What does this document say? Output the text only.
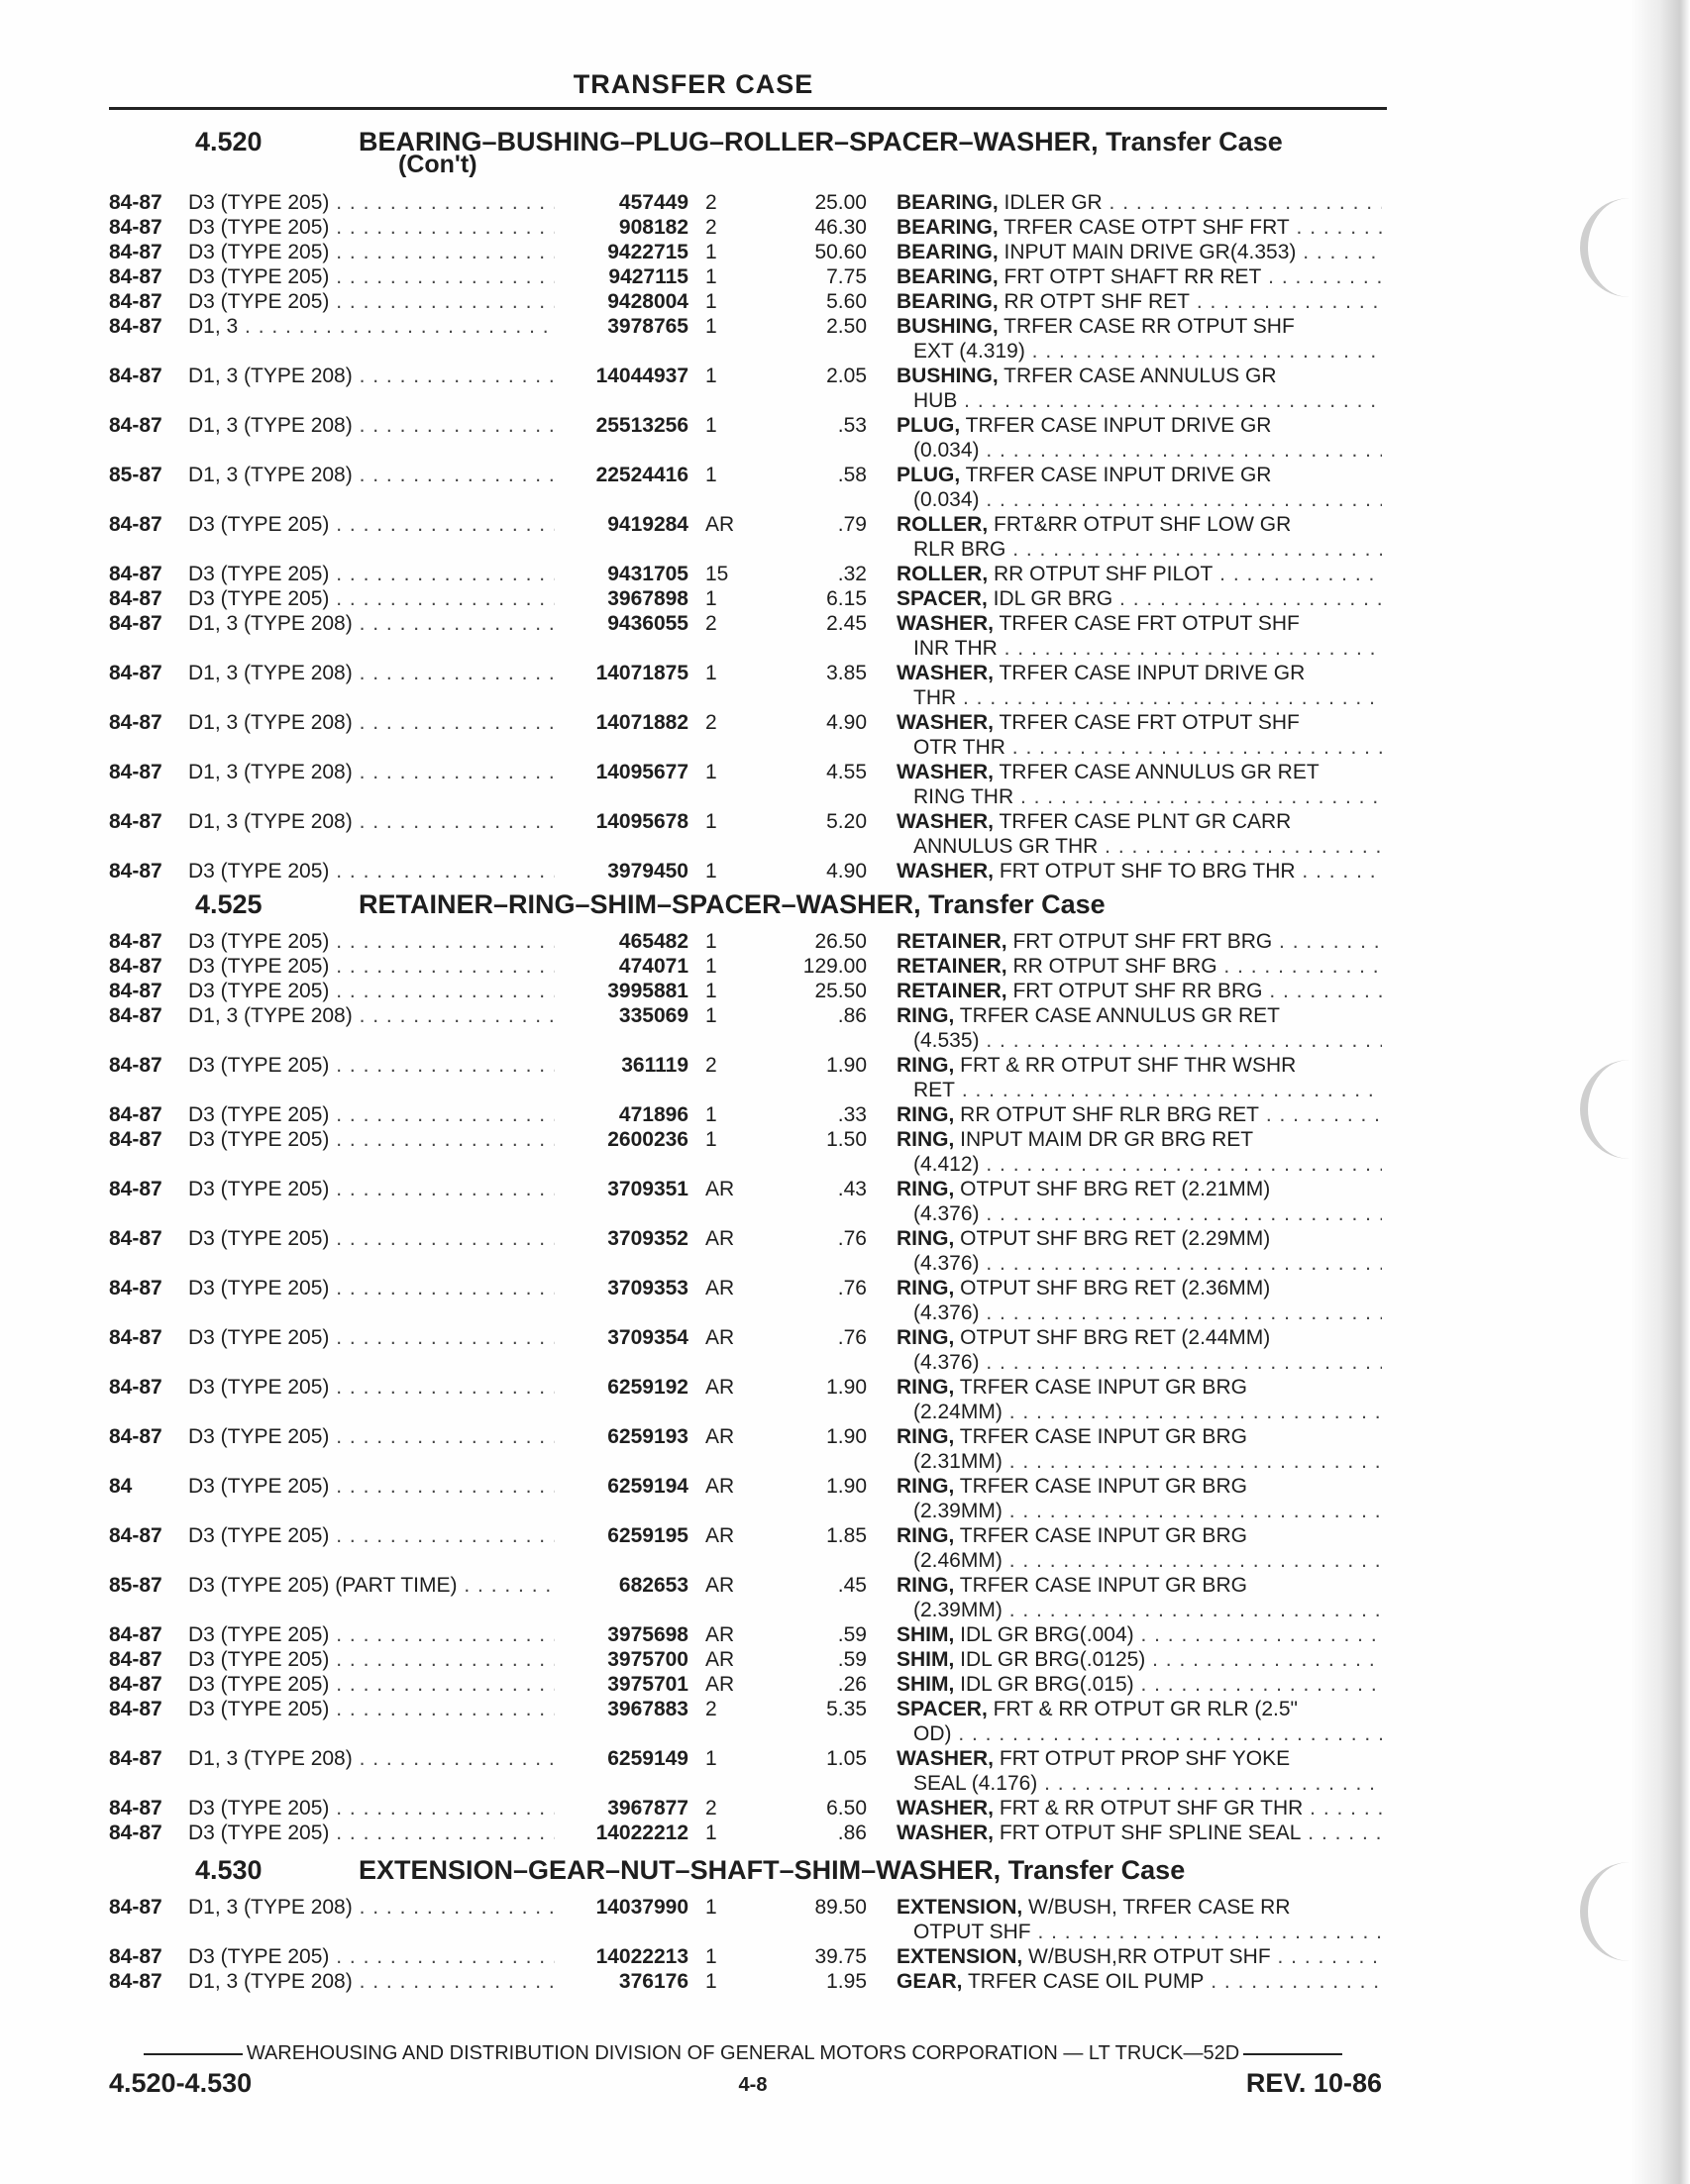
TRANSFER CASE
4.520	BEARING–BUSHING–PLUG–ROLLER–SPACER–WASHER, Transfer Case
(Con't)
84-87 D3 (TYPE 205) . . .	457449 2	25.00 BEARING, IDLER GR . . .
84-87 D3 (TYPE 205) . . .	908182 2	46.30 BEARING, TRFER CASE OTPT SHF FRT . . .
84-87 D3 (TYPE 205) . . .	9422715 1	50.60 BEARING, INPUT MAIN DRIVE GR(4.353) . . .
84-87 D3 (TYPE 205) . . .	9427115 1	7.75 BEARING, FRT OTPT SHAFT RR RET . . .
84-87 D3 (TYPE 205) . . .	9428004 1	5.60 BEARING, RR OTPT SHF RET . . .
84-87 D1, 3 . . .	3978765 1	2.50 BUSHING, TRFER CASE RR OTPUT SHF
EXT (4.319) . . .
84-87 D1, 3 (TYPE 208) . . .	14044937 1	2.05 BUSHING, TRFER CASE ANNULUS GR
HUB . . .
84-87 D1, 3 (TYPE 208) . . .	25513256 1	.53 PLUG, TRFER CASE INPUT DRIVE GR
(0.034) . . .
85-87 D1, 3 (TYPE 208) . . .	22524416 1	.58 PLUG, TRFER CASE INPUT DRIVE GR
(0.034) . . .
84-87 D3 (TYPE 205) . . .	9419284 AR	.79 ROLLER, FRT&RR OTPUT SHF LOW GR
RLR BRG . . .
84-87 D3 (TYPE 205) . . .	9431705 15	.32 ROLLER, RR OTPUT SHF PILOT . . .
84-87 D3 (TYPE 205) . . .	3967898 1	6.15 SPACER, IDL GR BRG . . .
84-87 D1, 3 (TYPE 208) . . .	9436055 2	2.45 WASHER, TRFER CASE FRT OTPUT SHF
INR THR . . .
84-87 D1, 3 (TYPE 208) . . .	14071875 1	3.85 WASHER, TRFER CASE INPUT DRIVE GR
THR . . .
84-87 D1, 3 (TYPE 208) . . .	14071882 2	4.90 WASHER, TRFER CASE FRT OTPUT SHF
OTR THR . . .
84-87 D1, 3 (TYPE 208) . . .	14095677 1	4.55 WASHER, TRFER CASE ANNULUS GR RET
RING THR . . .
84-87 D1, 3 (TYPE 208) . . .	14095678 1	5.20 WASHER, TRFER CASE PLNT GR CARR
ANNULUS GR THR . . .
84-87 D3 (TYPE 205) . . .	3979450 1	4.90 WASHER, FRT OTPUT SHF TO BRG THR . . .
4.525	RETAINER–RING–SHIM–SPACER–WASHER, Transfer Case
84-87 D3 (TYPE 205) . . .	465482 1	26.50 RETAINER, FRT OTPUT SHF FRT BRG . . .
84-87 D3 (TYPE 205) . . .	474071 1	129.00 RETAINER, RR OTPUT SHF BRG . . .
84-87 D3 (TYPE 205) . . .	3995881 1	25.50 RETAINER, FRT OTPUT SHF RR BRG . . .
84-87 D1, 3 (TYPE 208) . . .	335069 1	.86 RING, TRFER CASE ANNULUS GR RET
(4.535) . . .
84-87 D3 (TYPE 205) . . .	361119 2	1.90 RING, FRT & RR OTPUT SHF THR WSHR
RET . . .
84-87 D3 (TYPE 205) . . .	471896 1	.33 RING, RR OTPUT SHF RLR BRG RET . . .
84-87 D3 (TYPE 205) . . .	2600236 1	1.50 RING, INPUT MAIM DR GR BRG RET
(4.412) . . .
84-87 D3 (TYPE 205) . . .	3709351 AR	.43 RING, OTPUT SHF BRG RET (2.21MM)
(4.376) . . .
84-87 D3 (TYPE 205) . . .	3709352 AR	.76 RING, OTPUT SHF BRG RET (2.29MM)
(4.376) . . .
84-87 D3 (TYPE 205) . . .	3709353 AR	.76 RING, OTPUT SHF BRG RET (2.36MM)
(4.376) . . .
84-87 D3 (TYPE 205) . . .	3709354 AR	.76 RING, OTPUT SHF BRG RET (2.44MM)
(4.376) . . .
84-87 D3 (TYPE 205) . . .	6259192 AR	1.90 RING, TRFER CASE INPUT GR BRG
(2.24MM) . . .
84-87 D3 (TYPE 205) . . .	6259193 AR	1.90 RING, TRFER CASE INPUT GR BRG
(2.31MM) . . .
84	D3 (TYPE 205) . . .	6259194 AR	1.90 RING, TRFER CASE INPUT GR BRG
(2.39MM) . . .
84-87 D3 (TYPE 205) . . .	6259195 AR	1.85 RING, TRFER CASE INPUT GR BRG
(2.46MM) . . .
85-87 D3 (TYPE 205) (PART TIME) . . .	682653 AR	.45 RING, TRFER CASE INPUT GR BRG
(2.39MM) . . .
84-87 D3 (TYPE 205) . . .	3975698 AR	.59 SHIM, IDL GR BRG(.004) . . .
84-87 D3 (TYPE 205) . . .	3975700 AR	.59 SHIM, IDL GR BRG(.0125) . . .
84-87 D3 (TYPE 205) . . .	3975701 AR	.26 SHIM, IDL GR BRG(.015) . . .
84-87 D3 (TYPE 205) . . .	3967883 2	5.35 SPACER, FRT & RR OTPUT GR RLR (2.5"
OD) . . .
84-87 D1, 3 (TYPE 208) . . .	6259149 1	1.05 WASHER, FRT OTPUT PROP SHF YOKE
SEAL (4.176) . . .
84-87 D3 (TYPE 205) . . .	3967877 2	6.50 WASHER, FRT & RR OTPUT SHF GR THR . . .
84-87 D3 (TYPE 205) . . .	14022212 1	.86 WASHER, FRT OTPUT SHF SPLINE SEAL . . .
4.530	EXTENSION–GEAR–NUT–SHAFT–SHIM–WASHER, Transfer Case
84-87 D1, 3 (TYPE 208) . . .	14037990 1	89.50 EXTENSION, W/BUSH, TRFER CASE RR
OTPUT SHF . . .
84-87 D3 (TYPE 205) . . .	14022213 1	39.75 EXTENSION, W/BUSH,RR OTPUT SHF . . .
84-87 D1, 3 (TYPE 208) . . .	376176 1	1.95 GEAR, TRFER CASE OIL PUMP . . .
WAREHOUSING AND DISTRIBUTION DIVISION OF GENERAL MOTORS CORPORATION — LT TRUCK—52D
4.520-4.530	4-8	REV. 10-86
